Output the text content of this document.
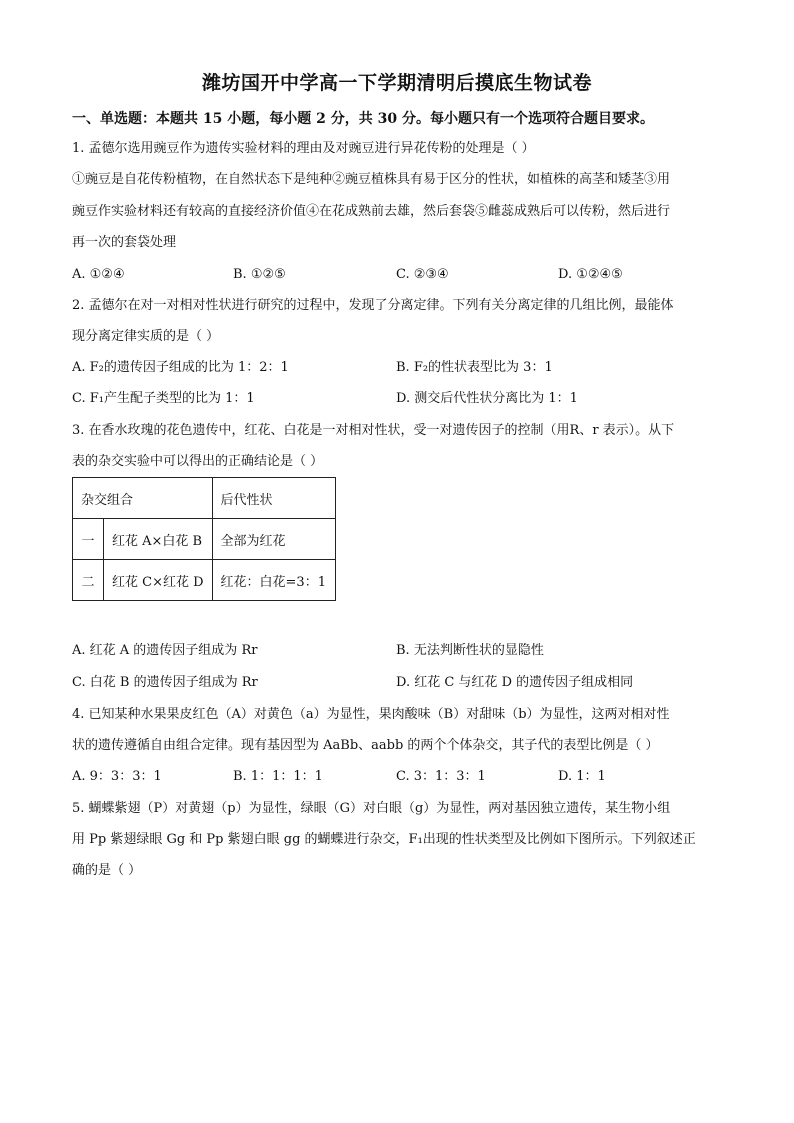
潍坊国开中学高一下学期清明后摸底生物试卷
一、单选题：本题共 15 小题，每小题 2 分，共 30 分。每小题只有一个选项符合题目要求。
1. 孟德尔选用豌豆作为遗传实验材料的理由及对豌豆进行异花传粉的处理是（ ）
①豌豆是自花传粉植物，在自然状态下是纯种②豌豆植株具有易于区分的性状，如植株的高茎和矮茎③用
豌豆作实验材料还有较高的直接经济价值④在花成熟前去雄，然后套袋⑤雌蕊成熟后可以传粉，然后进行
再一次的套袋处理
A. ①②④	B. ①②⑤	C. ②③④	D. ①②④⑤
2. 孟德尔在对一对相对性状进行研究的过程中，发现了分离定律。下列有关分离定律的几组比例，最能体
现分离定律实质的是（ ）
A. F₂的遗传因子组成的比为 1：2：1	B. F₂的性状表型比为 3：1
C. F₁产生配子类型的比为 1：1	D. 测交后代性状分离比为 1：1
3. 在香水玫瑰的花色遗传中，红花、白花是一对相对性状，受一对遗传因子的控制（用R、r 表示）。从下
表的杂交实验中可以得出的正确结论是（ ）
杂交组合		后代性状
一	红花 A×白花 B	全部为红花
二	红花 C×红花 D	红花：白花=3：1
A. 红花 A 的遗传因子组成为 Rr	B. 无法判断性状的显隐性
C. 白花 B 的遗传因子组成为 Rr	D. 红花 C 与红花 D 的遗传因子组成相同
4. 已知某种水果果皮红色（A）对黄色（a）为显性，果肉酸味（B）对甜味（b）为显性，这两对相对性
状的遗传遵循自由组合定律。现有基因型为 AaBb、aabb 的两个个体杂交，其子代的表型比例是（ ）
A. 9：3：3：1	B. 1：1：1：1	C. 3：1：3：1	D. 1：1
5. 蝴蝶紫翅（P）对黄翅（p）为显性，绿眼（G）对白眼（g）为显性，两对基因独立遗传，某生物小组
用 Pp 紫翅绿眼 Gg 和 Pp 紫翅白眼 gg 的蝴蝶进行杂交，F₁出现的性状类型及比例如下图所示。下列叙述正
确的是（ ）
